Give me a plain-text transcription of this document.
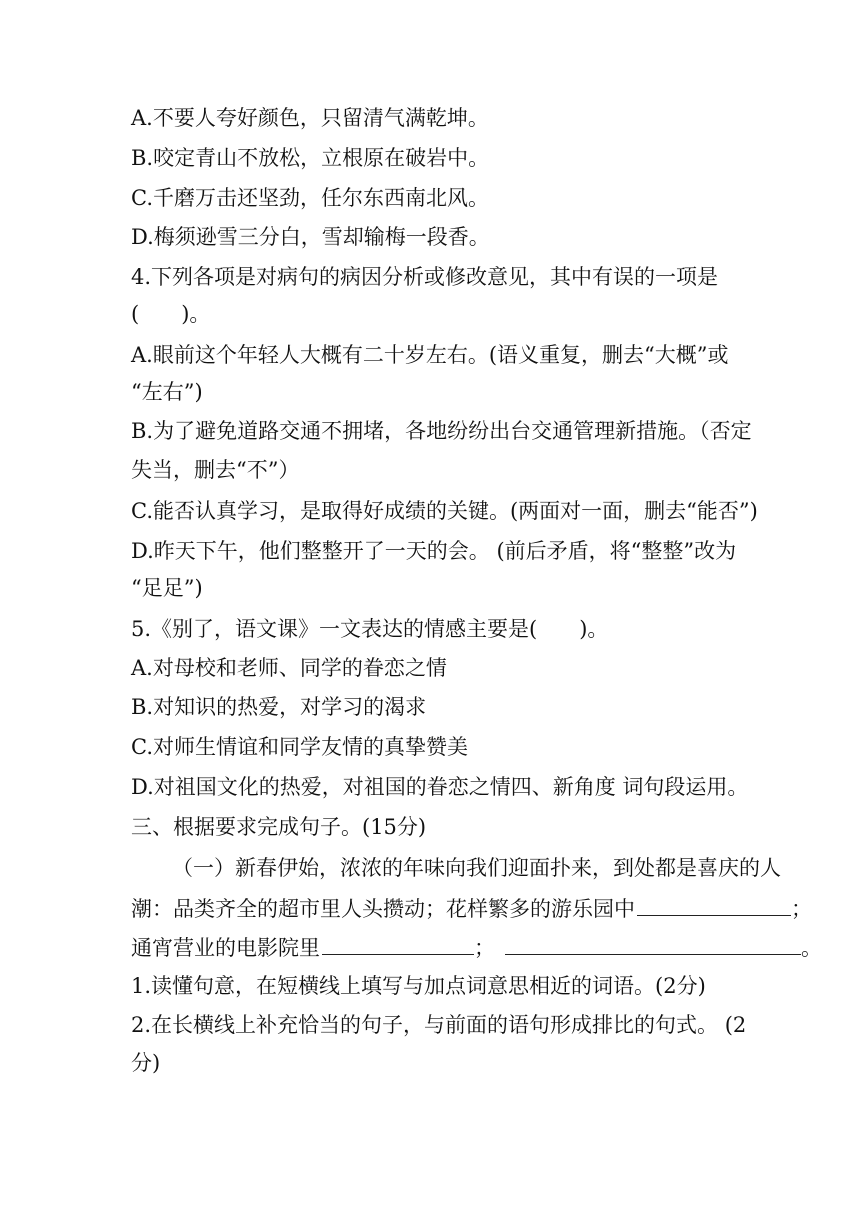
A.不要人夸好颜色，只留清气满乾坤。
B.咬定青山不放松，立根原在破岩中。
C.千磨万击还坚劲，任尔东西南北风。
D.梅须逊雪三分白，雪却输梅一段香。
4.下列各项是对病句的病因分析或修改意见，其中有误的一项是
(　　)。
A.眼前这个年轻人大概有二十岁左右。(语义重复，删去“大概”或
“左右”)
B.为了避免道路交通不拥堵，各地纷纷出台交通管理新措施。（否定
失当，删去“不”）
C.能否认真学习，是取得好成绩的关键。(两面对一面，删去“能否”)
D.昨天下午，他们整整开了一天的会。 (前后矛盾，将“整整”改为
“足足”)
5.《别了，语文课》一文表达的情感主要是(　　)。
A.对母校和老师、同学的眷恋之情
B.对知识的热爱，对学习的渴求
C.对师生情谊和同学友情的真挚赞美
D.对祖国文化的热爱，对祖国的眷恋之情四、新角度 词句段运用。
三、根据要求完成句子。(15分)
（一）新春伊始，浓浓的年味向我们迎面扑来，到处都是喜庆的人
潮：品类齐全的超市里人头攒动；花样繁多的游乐园中	；
通宵营业的电影院里	；	。
1.读懂句意，在短横线上填写与加点词意思相近的词语。(2分)
2.在长横线上补充恰当的句子，与前面的语句形成排比的句式。 (2
分)
